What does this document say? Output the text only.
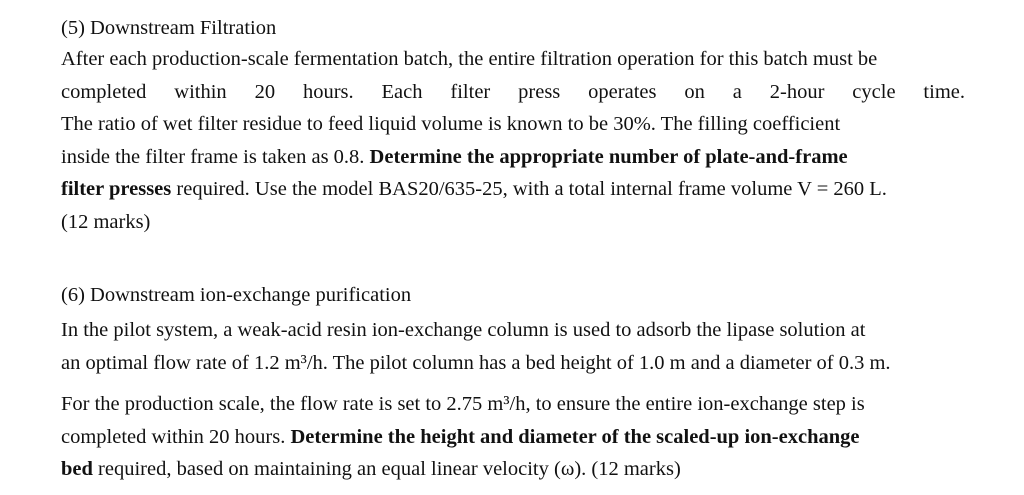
(5) Downstream Filtration

After each production-scale fermentation batch, the entire filtration operation for this batch must be
completed within 20 hours. Each filter press operates on a 2-hour cycle time.
The ratio of wet filter residue to feed liquid volume is known to be 30%. The filling coefficient
inside the filter frame is taken as 0.8. Determine the appropriate number of plate-and-frame
filter presses required. Use the model BAS20/635-25, with a total internal frame volume V = 260 L.
(12 marks)

(6) Downstream ion-exchange purification

In the pilot system, a weak-acid resin ion-exchange column is used to adsorb the lipase solution at
an optimal flow rate of 1.2 m³/h. The pilot column has a bed height of 1.0 m and a diameter of 0.3 m.
For the production scale, the flow rate is set to 2.75 m³/h, to ensure the entire ion-exchange step is
completed within 20 hours. Determine the height and diameter of the scaled-up ion-exchange
bed required, based on maintaining an equal linear velocity (ω). (12 marks)
